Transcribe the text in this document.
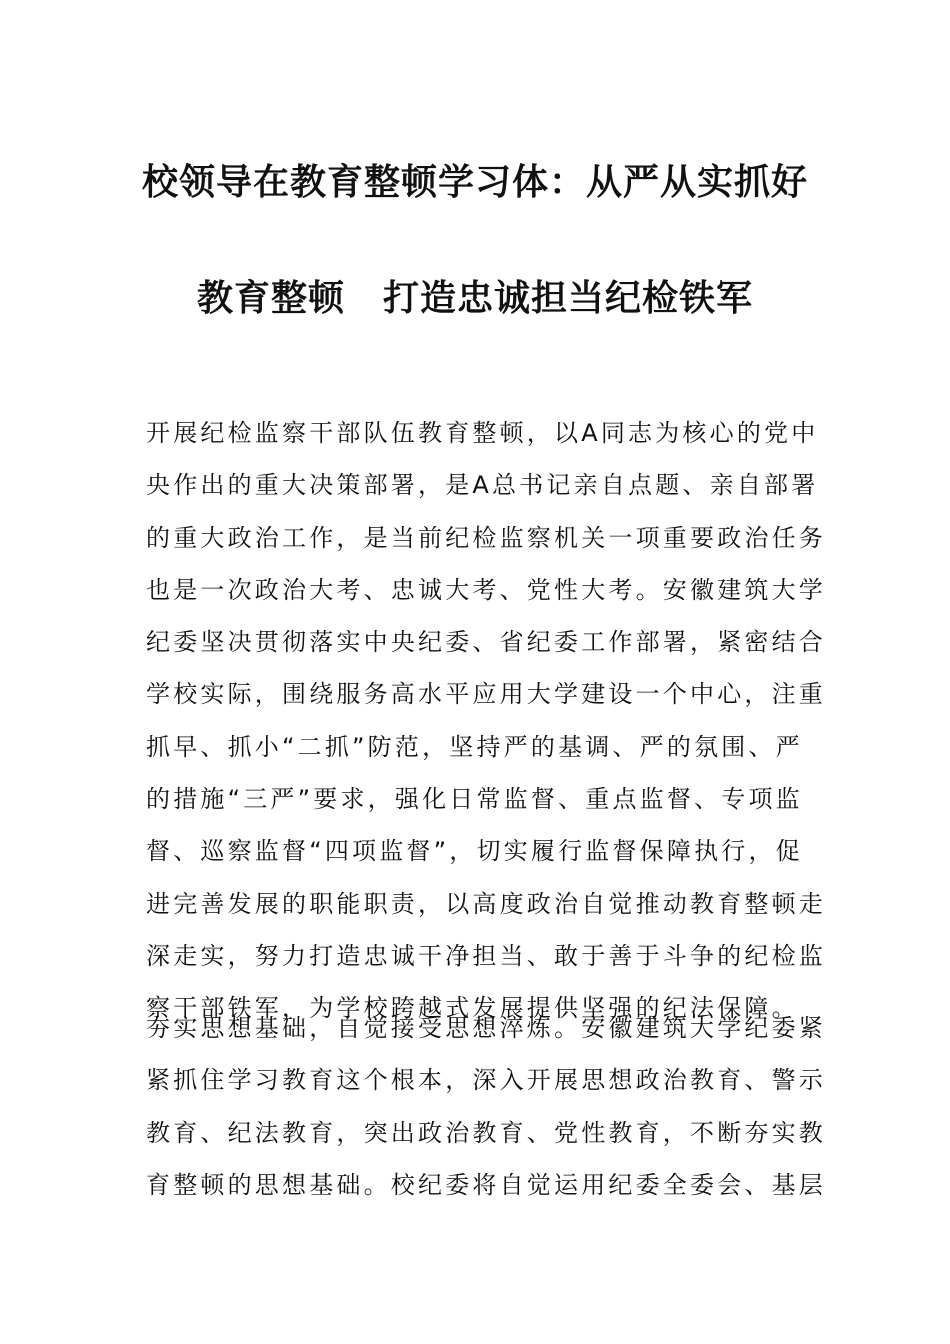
校领导在教育整顿学习体：从严从实抓好
教育整顿 打造忠诚担当纪检铁军
开展纪检监察干部队伍教育整顿，以A同志为核心的党中
央作出的重大决策部署，是A总书记亲自点题、亲自部署
的重大政治工作，是当前纪检监察机关一项重要政治任务
也是一次政治大考、忠诚大考、党性大考。安徽建筑大学
纪委坚决贯彻落实中央纪委、省纪委工作部署，紧密结合
学校实际，围绕服务高水平应用大学建设一个中心，注重
抓早、抓小“二抓”防范，坚持严的基调、严的氛围、严
的措施“三严”要求，强化日常监督、重点监督、专项监
督、巡察监督“四项监督”，切实履行监督保障执行，促
进完善发展的职能职责，以高度政治自觉推动教育整顿走
深走实，努力打造忠诚干净担当、敢于善于斗争的纪检监
察干部铁军，为学校跨越式发展提供坚强的纪法保障。
夯实思想基础，自觉接受思想淬炼。安徽建筑大学纪委紧
紧抓住学习教育这个根本，深入开展思想政治教育、警示
教育、纪法教育，突出政治教育、党性教育，不断夯实教
育整顿的思想基础。校纪委将自觉运用纪委全委会、基层
